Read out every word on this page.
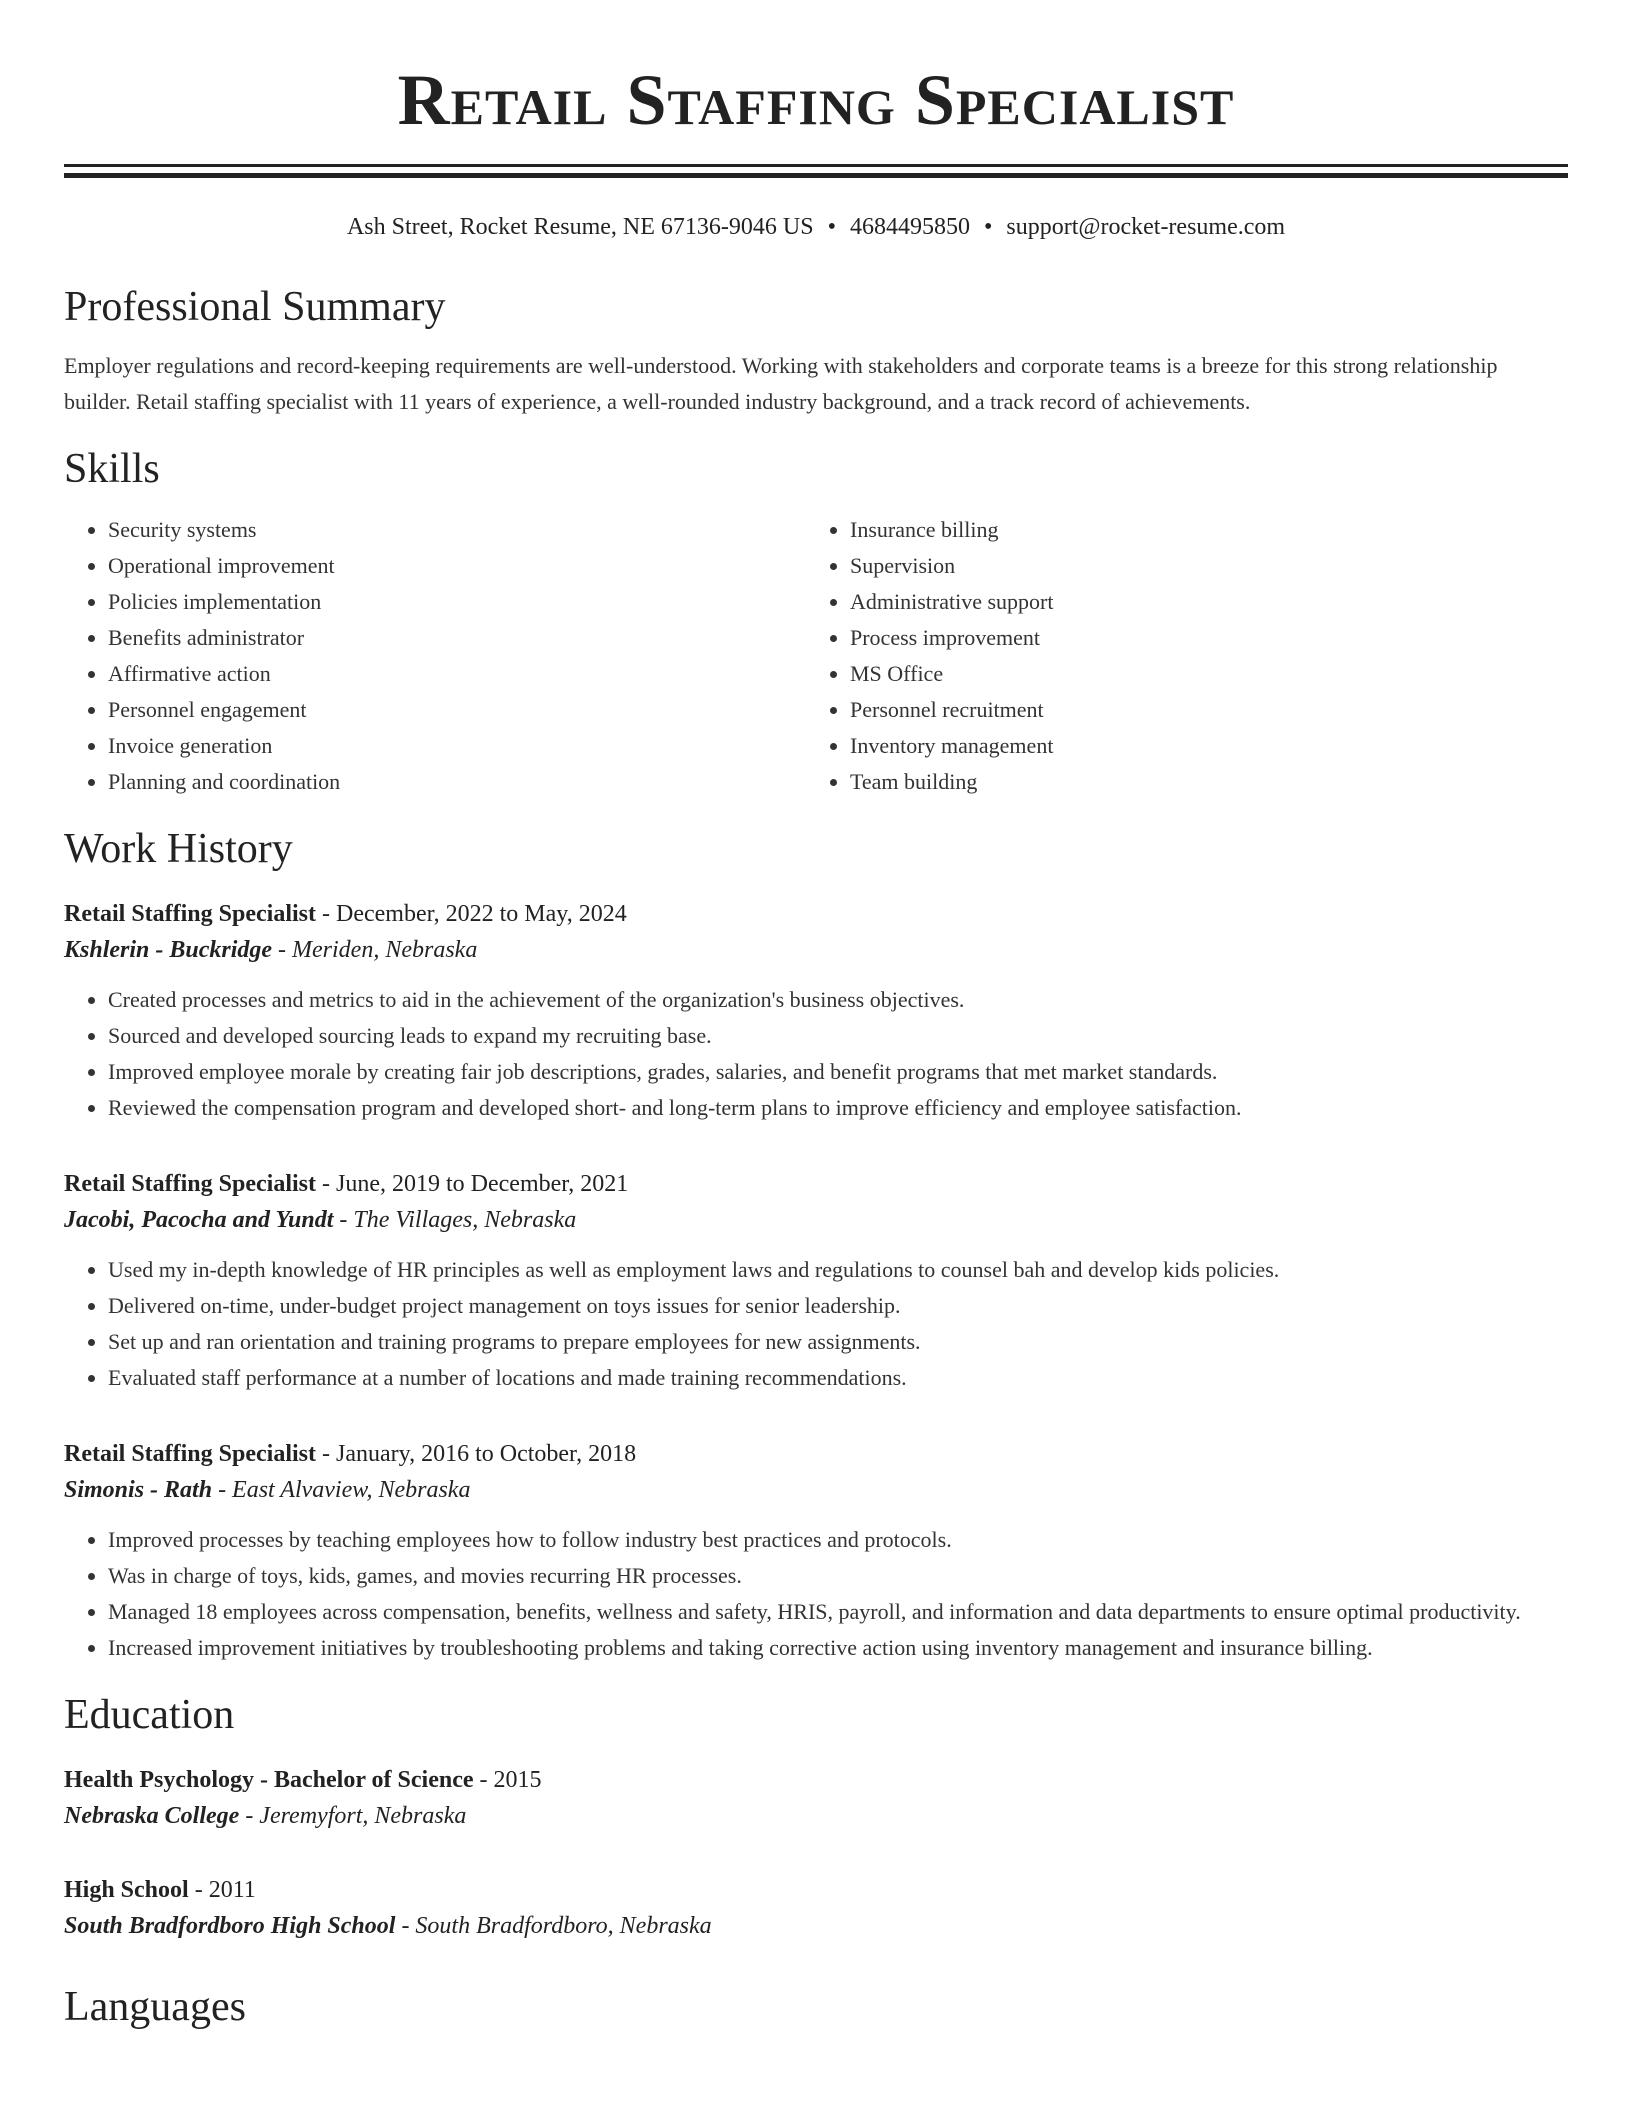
Retail Staffing Specialist
Ash Street, Rocket Resume, NE 67136-9046 US • 4684495850 • support@rocket-resume.com
Professional Summary

Employer regulations and record-keeping requirements are well-understood. Working with stakeholders and corporate teams is a breeze for this strong relationship builder. Retail staffing specialist with 11 years of experience, a well-rounded industry background, and a track record of achievements.

Skills
• Security systems
• Operational improvement
• Policies implementation
• Benefits administrator
• Affirmative action
• Personnel engagement
• Invoice generation
• Planning and coordination
• Insurance billing
• Supervision
• Administrative support
• Process improvement
• MS Office
• Personnel recruitment
• Inventory management
• Team building
Work History
Retail Staffing Specialist - December, 2022 to May, 2024
Kshlerin - Buckridge - Meriden, Nebraska
• Created processes and metrics to aid in the achievement of the organization's business objectives.
• Sourced and developed sourcing leads to expand my recruiting base.
• Improved employee morale by creating fair job descriptions, grades, salaries, and benefit programs that met market standards.
• Reviewed the compensation program and developed short- and long-term plans to improve efficiency and employee satisfaction.
Retail Staffing Specialist - June, 2019 to December, 2021
Jacobi, Pacocha and Yundt - The Villages, Nebraska
• Used my in-depth knowledge of HR principles as well as employment laws and regulations to counsel bah and develop kids policies.
• Delivered on-time, under-budget project management on toys issues for senior leadership.
• Set up and ran orientation and training programs to prepare employees for new assignments.
• Evaluated staff performance at a number of locations and made training recommendations.
Retail Staffing Specialist - January, 2016 to October, 2018
Simonis - Rath - East Alvaview, Nebraska
• Improved processes by teaching employees how to follow industry best practices and protocols.
• Was in charge of toys, kids, games, and movies recurring HR processes.
• Managed 18 employees across compensation, benefits, wellness and safety, HRIS, payroll, and information and data departments to ensure optimal productivity.
• Increased improvement initiatives by troubleshooting problems and taking corrective action using inventory management and insurance billing.
Education
Health Psychology - Bachelor of Science - 2015
Nebraska College - Jeremyfort, Nebraska
High School - 2011
South Bradfordboro High School - South Bradfordboro, Nebraska
Languages
